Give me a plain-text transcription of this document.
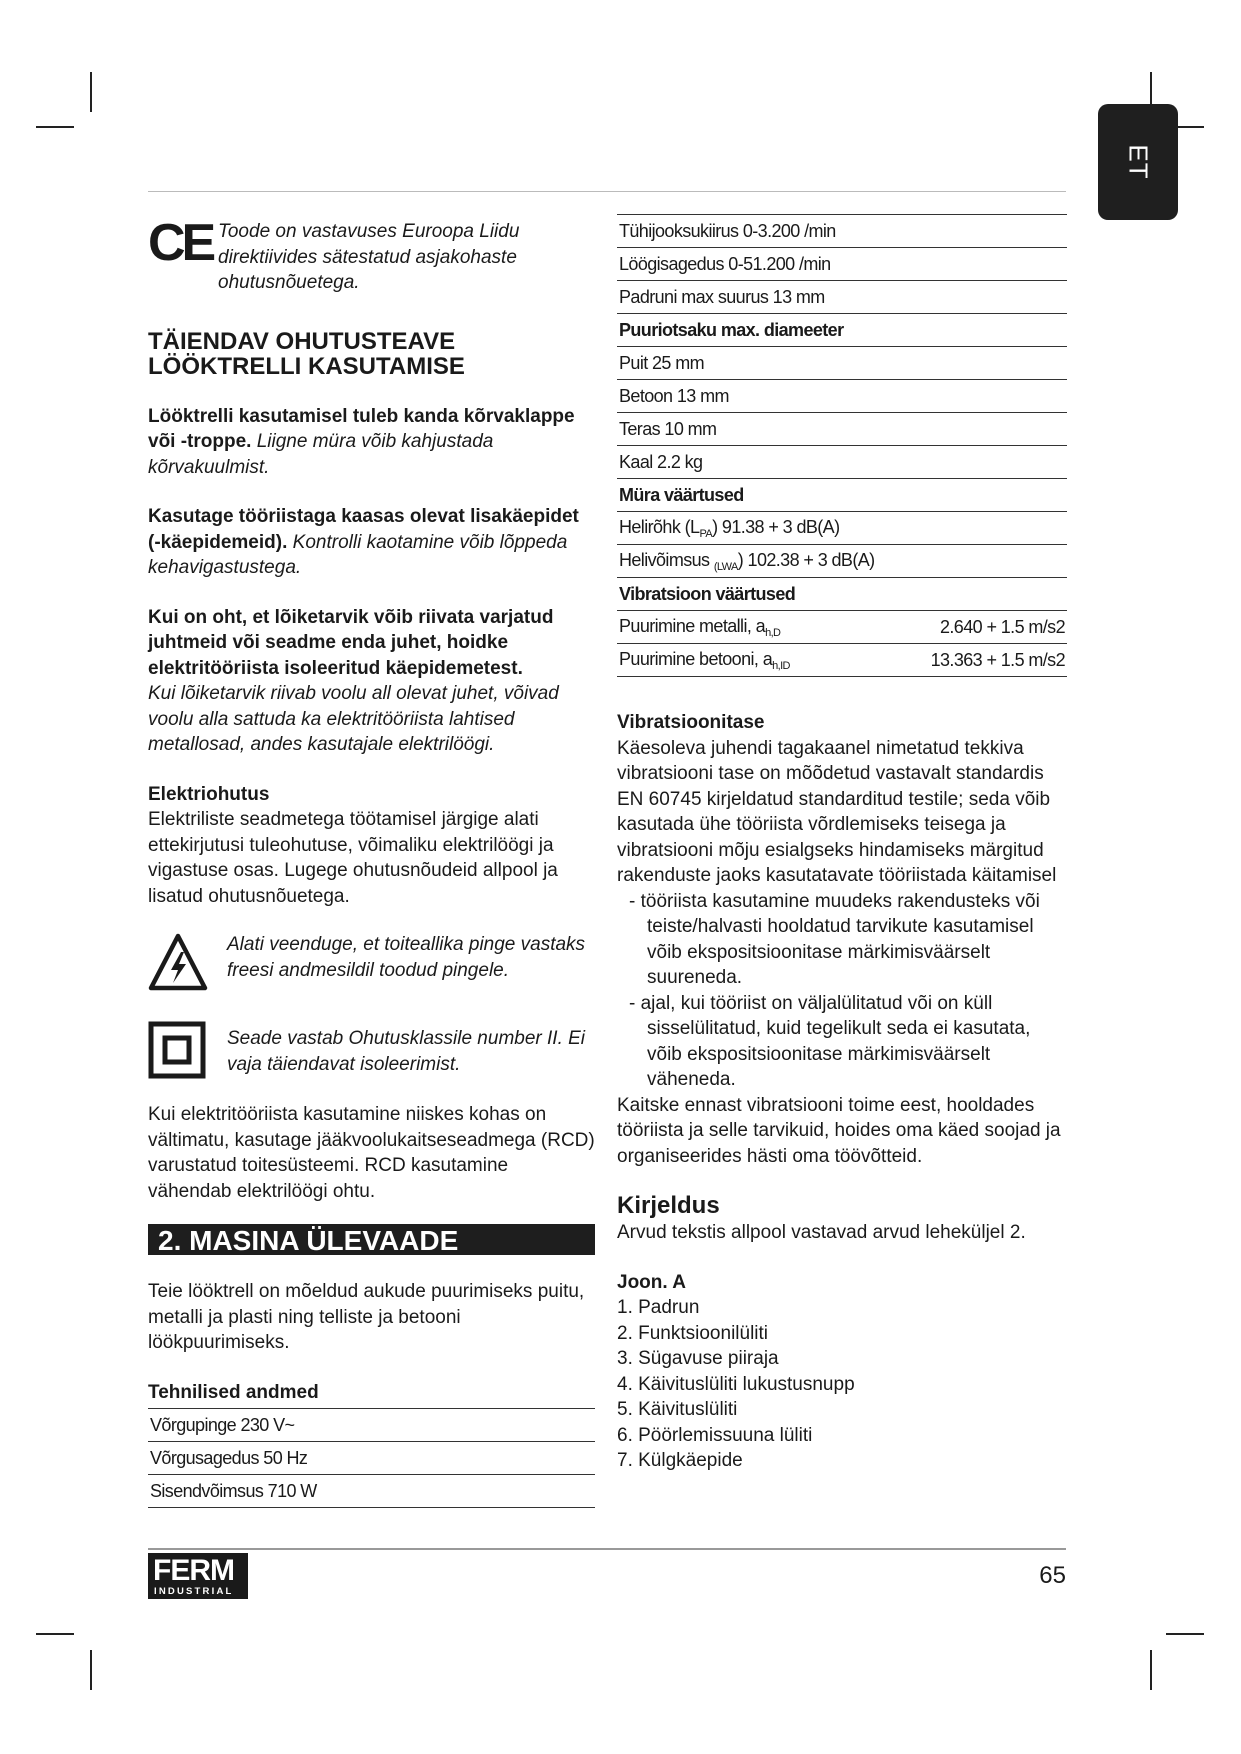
ET
CE Toode on vastavuses Euroopa Liidu direktiivides sätestatud asjakohaste ohutusnõuetega.

TÄIENDAV OHUTUSTEAVE
LÖÖKTRELLI KASUTAMISE

Lööktrelli kasutamisel tuleb kanda kõrvaklappe või -troppe. Liigne müra võib kahjustada kõrvakuulmist.

Kasutage tööriistaga kaasas olevat lisakäepidet (-käepidemeid). Kontrolli kaotamine võib lõppeda kehavigastustega.

Kui on oht, et lõiketarvik võib riivata varjatud juhtmeid või seadme enda juhet, hoidke elektritööriista isoleeritud käepidemetest.
Kui lõiketarvik riivab voolu all olevat juhet, võivad voolu alla sattuda ka elektritööriista lahtised metallosad, andes kasutajale elektrilöögi.

Elektriohutus

Elektriliste seadmetega töötamisel järgige alati ettekirjutusi tuleohutuse, võimaliku elektrilöögi ja vigastuse osas. Lugege ohutusnõudeid allpool ja lisatud ohutusnõuetega.

Alati veenduge, et toiteallika pinge vastaks freesi andmesildil toodud pingele.

Seade vastab Ohutusklassile number II. Ei vaja täiendavat isoleerimist.

Kui elektritööriista kasutamine niiskes kohas on vältimatu, kasutage jääkvoolukaitseseadmega (RCD) varustatud toitesüsteemi. RCD kasutamine vähendab elektrilöögi ohtu.

2. MASINA ÜLEVAADE

Teie lööktrell on mõeldud aukude puurimiseks puitu, metalli ja plasti ning telliste ja betooni löökpuurimiseks.

Tehnilised andmed

Võrgupinge 230 V~
Võrgusagedus 50 Hz
Sisendvõimsus 710 W
Tühijooksukiirus 0-3.200 /min	
Löögisagedus 0-51.200 /min	
Padruni max suurus 13 mm	
Puuriotsaku max. diameeter	
Puit 25 mm	
Betoon 13 mm	
Teras 10 mm	
Kaal 2.2 kg	
Müra väärtused	
Helirõhk $(L_{PA}) 91.38 + 3$ dB(A)	
Helivõimsus $_{(LWA}$) 102.38 + 3 dB(A)	
Vibratsioon väärtused	
Puurimine metalli, $a_{h,D}$	2.640 + 1.5 m/s2
Puurimine betooni, $a_{h,ID}$	13.363 + 1.5 m/s2

Vibratsioonitase

Käesoleva juhendi tagakaanel nimetatud tekkiva vibratsiooni tase on mõõdetud vastavalt standardis EN 60745 kirjeldatud standarditud testile; seda võib kasutada ühe tööriista võrdlemiseks teisega ja vibratsiooni mõju esialgseks hindamiseks märgitud rakenduste jaoks kasutatavate tööriistada käitamisel

- tööriista kasutamine muudeks rakendusteks või teiste/halvasti hooldatud tarvikute kasutamisel võib ekspositsioonitase märkimisväärselt suureneda.
- ajal, kui tööriist on väljalülitatud või on küll sisselülitatud, kuid tegelikult seda ei kasutata, võib ekspositsioonitase märkimisväärselt väheneda.

Kaitske ennast vibratsiooni toime eest, hooldades tööriista ja selle tarvikuid, hoides oma käed soojad ja organiseerides hästi oma töövõtteid.

Kirjeldus

Arvud tekstis allpool vastavad arvud leheküljel 2.

Joon. A

1. Padrun
2. Funktsioonilüliti
3. Sügavuse piiraja
4. Käivituslüliti lukustusnupp
5. Käivituslüliti
6. Pöörlemissuuna lüliti
7. Külgkäepide
FERM
INDUSTRIAL
65
